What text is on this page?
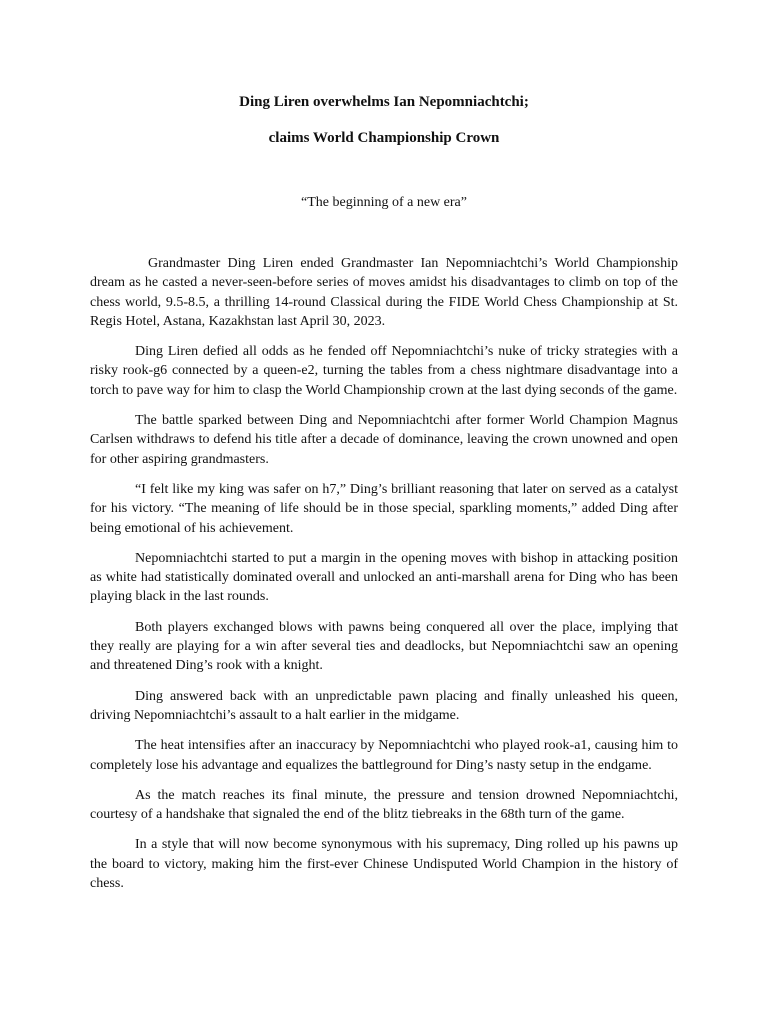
Ding Liren overwhelms Ian Nepomniachtchi;
claims World Championship Crown

“The beginning of a new era”

Grandmaster Ding Liren ended Grandmaster Ian Nepomniachtchi’s World Championship dream as he casted a never-seen-before series of moves amidst his disadvantages to climb on top of the chess world, 9.5-8.5, a thrilling 14-round Classical during the FIDE World Chess Championship at St. Regis Hotel, Astana, Kazakhstan last April 30, 2023.

Ding Liren defied all odds as he fended off Nepomniachtchi’s nuke of tricky strategies with a risky rook-g6 connected by a queen-e2, turning the tables from a chess nightmare disadvantage into a torch to pave way for him to clasp the World Championship crown at the last dying seconds of the game.

The battle sparked between Ding and Nepomniachtchi after former World Champion Magnus Carlsen withdraws to defend his title after a decade of dominance, leaving the crown unowned and open for other aspiring grandmasters.

“I felt like my king was safer on h7,” Ding’s brilliant reasoning that later on served as a catalyst for his victory. “The meaning of life should be in those special, sparkling moments,” added Ding after being emotional of his achievement.

Nepomniachtchi started to put a margin in the opening moves with bishop in attacking position as white had statistically dominated overall and unlocked an anti-marshall arena for Ding who has been playing black in the last rounds.

Both players exchanged blows with pawns being conquered all over the place, implying that they really are playing for a win after several ties and deadlocks, but Nepomniachtchi saw an opening and threatened Ding’s rook with a knight.

Ding answered back with an unpredictable pawn placing and finally unleashed his queen, driving Nepomniachtchi’s assault to a halt earlier in the midgame.

The heat intensifies after an inaccuracy by Nepomniachtchi who played rook-a1, causing him to completely lose his advantage and equalizes the battleground for Ding’s nasty setup in the endgame.

As the match reaches its final minute, the pressure and tension drowned Nepomniachtchi, courtesy of a handshake that signaled the end of the blitz tiebreaks in the 68th turn of the game.

In a style that will now become synonymous with his supremacy, Ding rolled up his pawns up the board to victory, making him the first-ever Chinese Undisputed World Champion in the history of chess.
